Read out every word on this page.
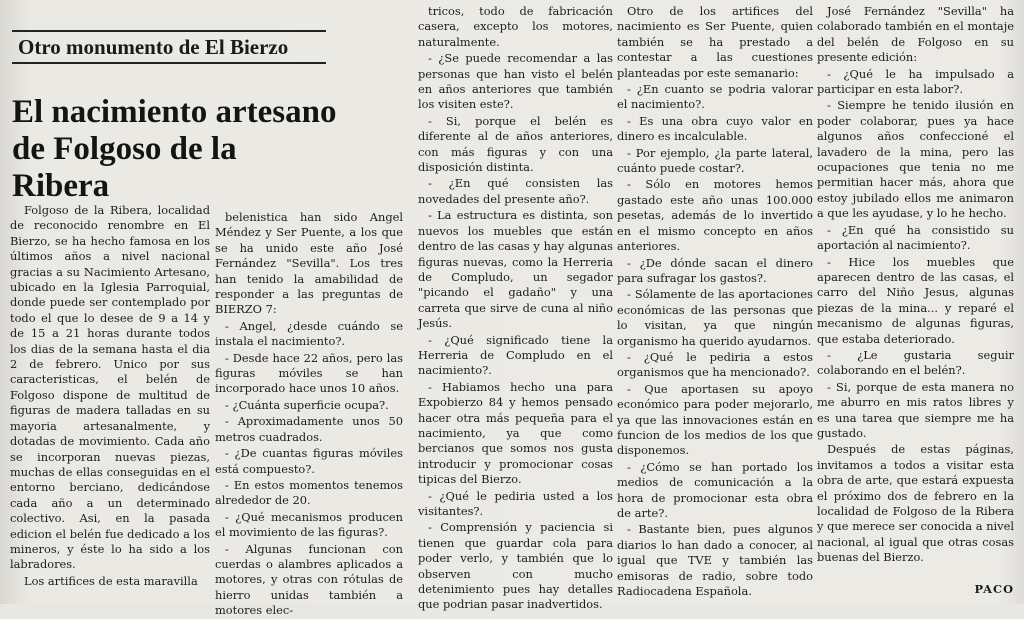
Otro monumento de El Bierzo
El nacimiento artesano
de Folgoso de la
Ribera

Folgoso de la Ribera, localidad de reconocido renombre en El Bierzo, se ha hecho famosa en los últimos años a nivel nacional gracias a su Nacimiento Artesano, ubicado en la Iglesia Parroquial, donde puede ser contemplado por todo el que lo desee de 9 a 14 y de 15 a 21 horas durante todos los dias de la semana hasta el dia 2 de febrero. Unico por sus caracteristicas, el belén de Folgoso dispone de multitud de figuras de madera talladas en su mayoria artesanalmente, y dotadas de movimiento. Cada año se incorporan nuevas piezas, muchas de ellas conseguidas en el entorno berciano, dedicándose cada año a un determinado colectivo. Asi, en la pasada edicion el belén fue dedicado a los mineros, y éste lo ha sido a los labradores.

Los artifices de esta maravilla

belenistica han sido Angel Méndez y Ser Puente, a los que se ha unido este año José Fernández "Sevilla". Los tres han tenido la amabilidad de responder a las preguntas de BIERZO 7:

- Angel, ¿desde cuándo se instala el nacimiento?.

- Desde hace 22 años, pero las figuras móviles se han incorporado hace unos 10 años.

- ¿Cuánta superficie ocupa?.

- Aproximadamente unos 50 metros cuadrados.

- ¿De cuantas figuras móviles está compuesto?.

- En estos momentos tenemos alrededor de 20.

- ¿Qué mecanismos producen el movimiento de las figuras?.

- Algunas funcionan con cuerdas o alambres aplicados a motores, y otras con rótulas de hierro unidas también a motores elec-

tricos, todo de fabricación casera, excepto los motores, naturalmente.

- ¿Se puede recomendar a las personas que han visto el belén en años anteriores que también los visiten este?.

- Si, porque el belén es diferente al de años anteriores, con más figuras y con una disposición distinta.

- ¿En qué consisten las novedades del presente año?.

- La estructura es distinta, son nuevos los muebles que están dentro de las casas y hay algunas figuras nuevas, como la Herreria de Compludo, un segador "picando el gadaño" y una carreta que sirve de cuna al niño Jesús.

- ¿Qué significado tiene la Herreria de Compludo en el nacimiento?.

- Habiamos hecho una para Expobierzo 84 y hemos pensado hacer otra más pequeña para el nacimiento, ya que como bercianos que somos nos gusta introducir y promocionar cosas tipicas del Bierzo.

- ¿Qué le pediria usted a los visitantes?.

- Comprensión y paciencia si tienen que guardar cola para poder verlo, y también que lo observen con mucho detenimiento pues hay detalles que podrian pasar inadvertidos.

Otro de los artifices del nacimiento es Ser Puente, quien también se ha prestado a contestar a las cuestiones planteadas por este semanario:

- ¿En cuanto se podria valorar el nacimiento?.

- Es una obra cuyo valor en dinero es incalculable.

- Por ejemplo, ¿la parte lateral, cuánto puede costar?.

- Sólo en motores hemos gastado este año unas 100.000 pesetas, además de lo invertido en el mismo concepto en años anteriores.

- ¿De dónde sacan el dinero para sufragar los gastos?.

- Sólamente de las aportaciones económicas de las personas que lo visitan, ya que ningún organismo ha querido ayudarnos.

- ¿Qué le pediria a estos organismos que ha mencionado?.

- Que aportasen su apoyo económico para poder mejorarlo, ya que las innovaciones están en funcion de los medios de los que disponemos.

- ¿Cómo se han portado los medios de comunicación a la hora de promocionar esta obra de arte?.

- Bastante bien, pues algunos diarios lo han dado a conocer, al igual que TVE y también las emisoras de radio, sobre todo Radiocadena Española.

José Fernández "Sevilla" ha colaborado también en el montaje del belén de Folgoso en su presente edición:

- ¿Qué le ha impulsado a participar en esta labor?.

- Siempre he tenido ilusión en poder colaborar, pues ya hace algunos años confeccioné el lavadero de la mina, pero las ocupaciones que tenia no me permitian hacer más, ahora que estoy jubilado ellos me animaron a que les ayudase, y lo he hecho.

- ¿En qué ha consistido su aportación al nacimiento?.

- Hice los muebles que aparecen dentro de las casas, el carro del Niño Jesus, algunas piezas de la mina... y reparé el mecanismo de algunas figuras, que estaba deteriorado.

- ¿Le gustaria seguir colaborando en el belén?.

- Si, porque de esta manera no me aburro en mis ratos libres y es una tarea que siempre me ha gustado.

Después de estas páginas, invitamos a todos a visitar esta obra de arte, que estará expuesta el próximo dos de febrero en la localidad de Folgoso de la Ribera y que merece ser conocida a nivel nacional, al igual que otras cosas buenas del Bierzo.

PACO
